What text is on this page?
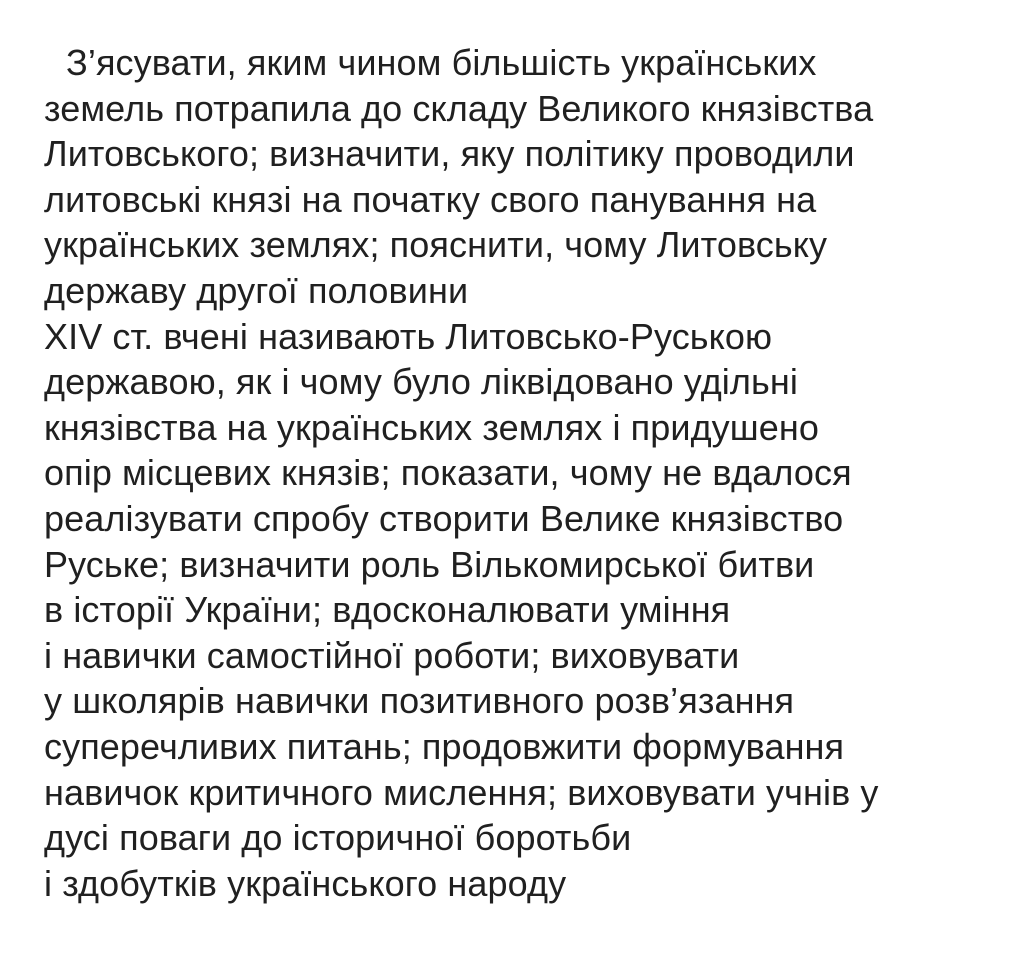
З’ясувати, яким чином більшість українських
земель потрапила до складу Великого князівства
Литовського; визначити, яку політику проводили
литовські князі на початку свого панування на
українських землях; пояснити, чому Литовську
державу другої половини
XIV ст. вчені називають Литовсько-Руською
державою, як і чому було ліквідовано удільні
князівства на українських землях і придушено
опір місцевих князів; показати, чому не вдалося
реалізувати спробу створити Велике князівство
Руське; визначити роль Вількомирської битви
в історії України; вдосконалювати уміння
і навички самостійної роботи; виховувати
у школярів навички позитивного розв’язання
суперечливих питань; продовжити формування
навичок критичного мислення; виховувати учнів у
дусі поваги до історичної боротьби
і здобутків українського народу
